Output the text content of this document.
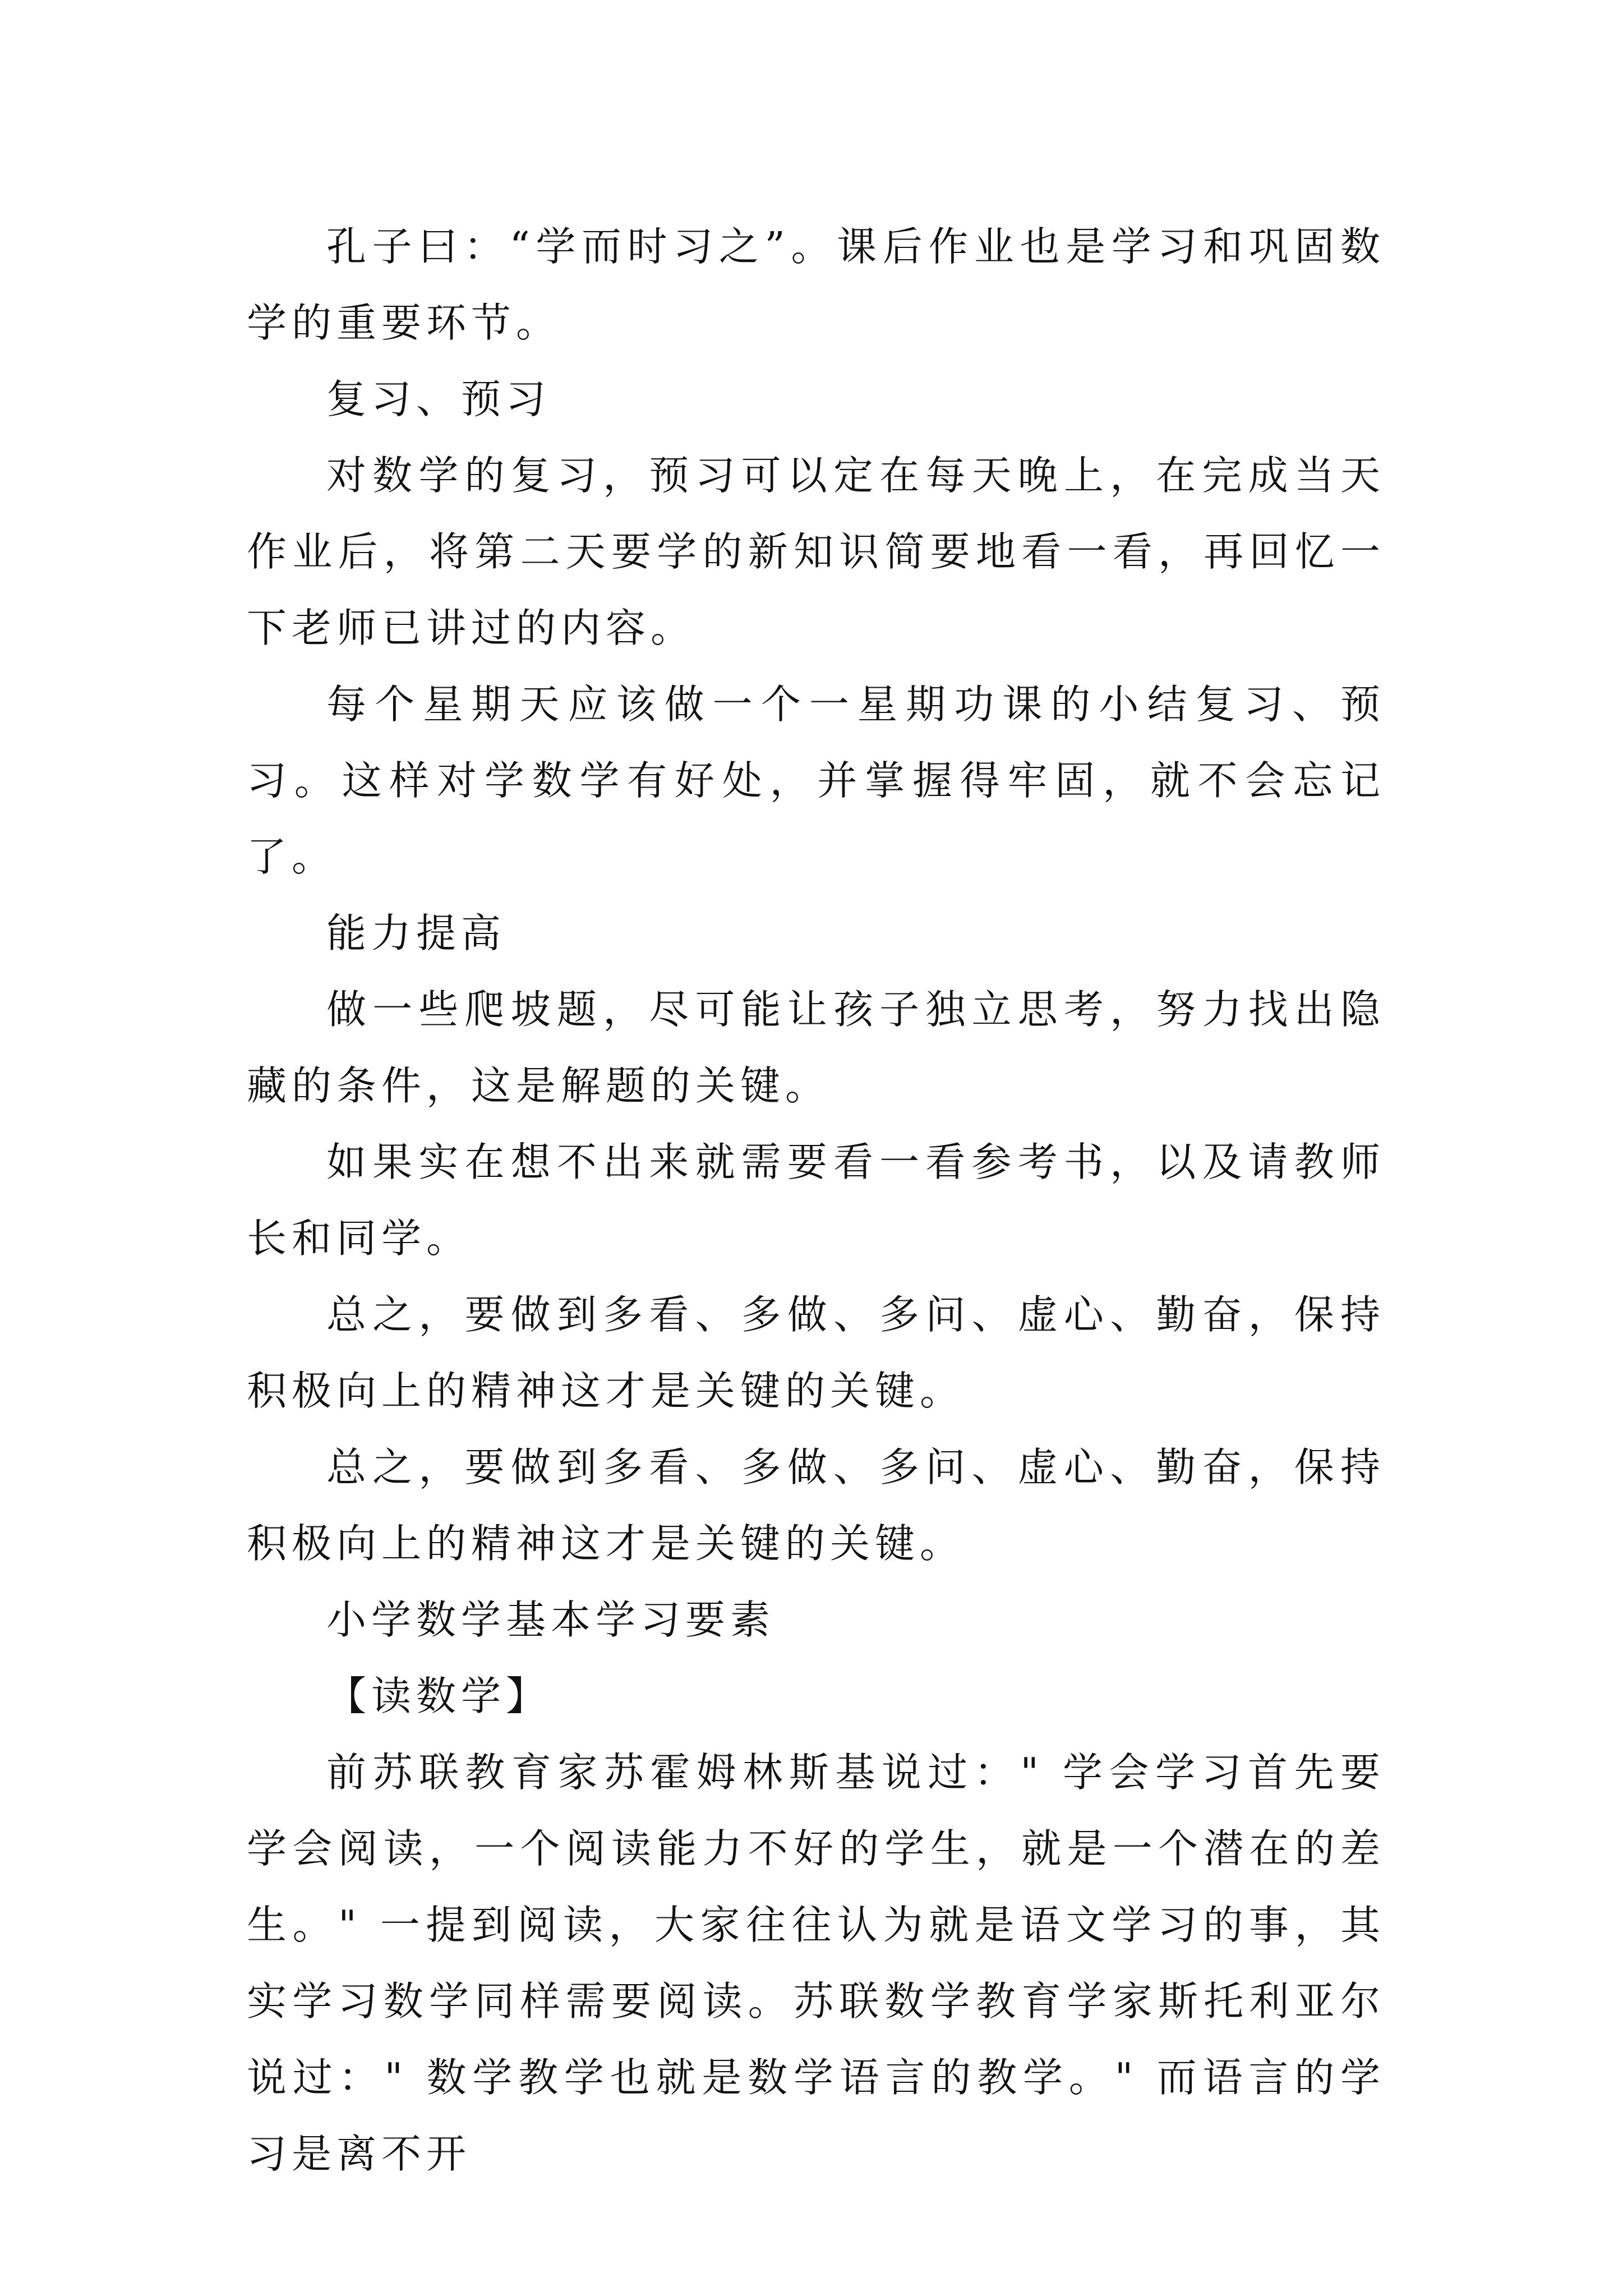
孔子曰：“学而时习之”。课后作业也是学习和巩固数学的重要环节。

复习、预习

对数学的复习，预习可以定在每天晚上，在完成当天作业后，将第二天要学的新知识简要地看一看，再回忆一下老师已讲过的内容。

每个星期天应该做一个一星期功课的小结复习、预习。这样对学数学有好处，并掌握得牢固，就不会忘记了。

能力提高

做一些爬坡题，尽可能让孩子独立思考，努力找出隐藏的条件，这是解题的关键。

如果实在想不出来就需要看一看参考书，以及请教师长和同学。

总之，要做到多看、多做、多问、虚心、勤奋，保持积极向上的精神这才是关键的关键。

总之，要做到多看、多做、多问、虚心、勤奋，保持积极向上的精神这才是关键的关键。

小学数学基本学习要素

【读数学】

前苏联教育家苏霍姆林斯基说过：" 学会学习首先要学会阅读，一个阅读能力不好的学生，就是一个潜在的差生。" 一提到阅读，大家往往认为就是语文学习的事，其实学习数学同样需要阅读。苏联数学教育学家斯托利亚尔说过：" 数学教学也就是数学语言的教学。" 而语言的学习是离不开
